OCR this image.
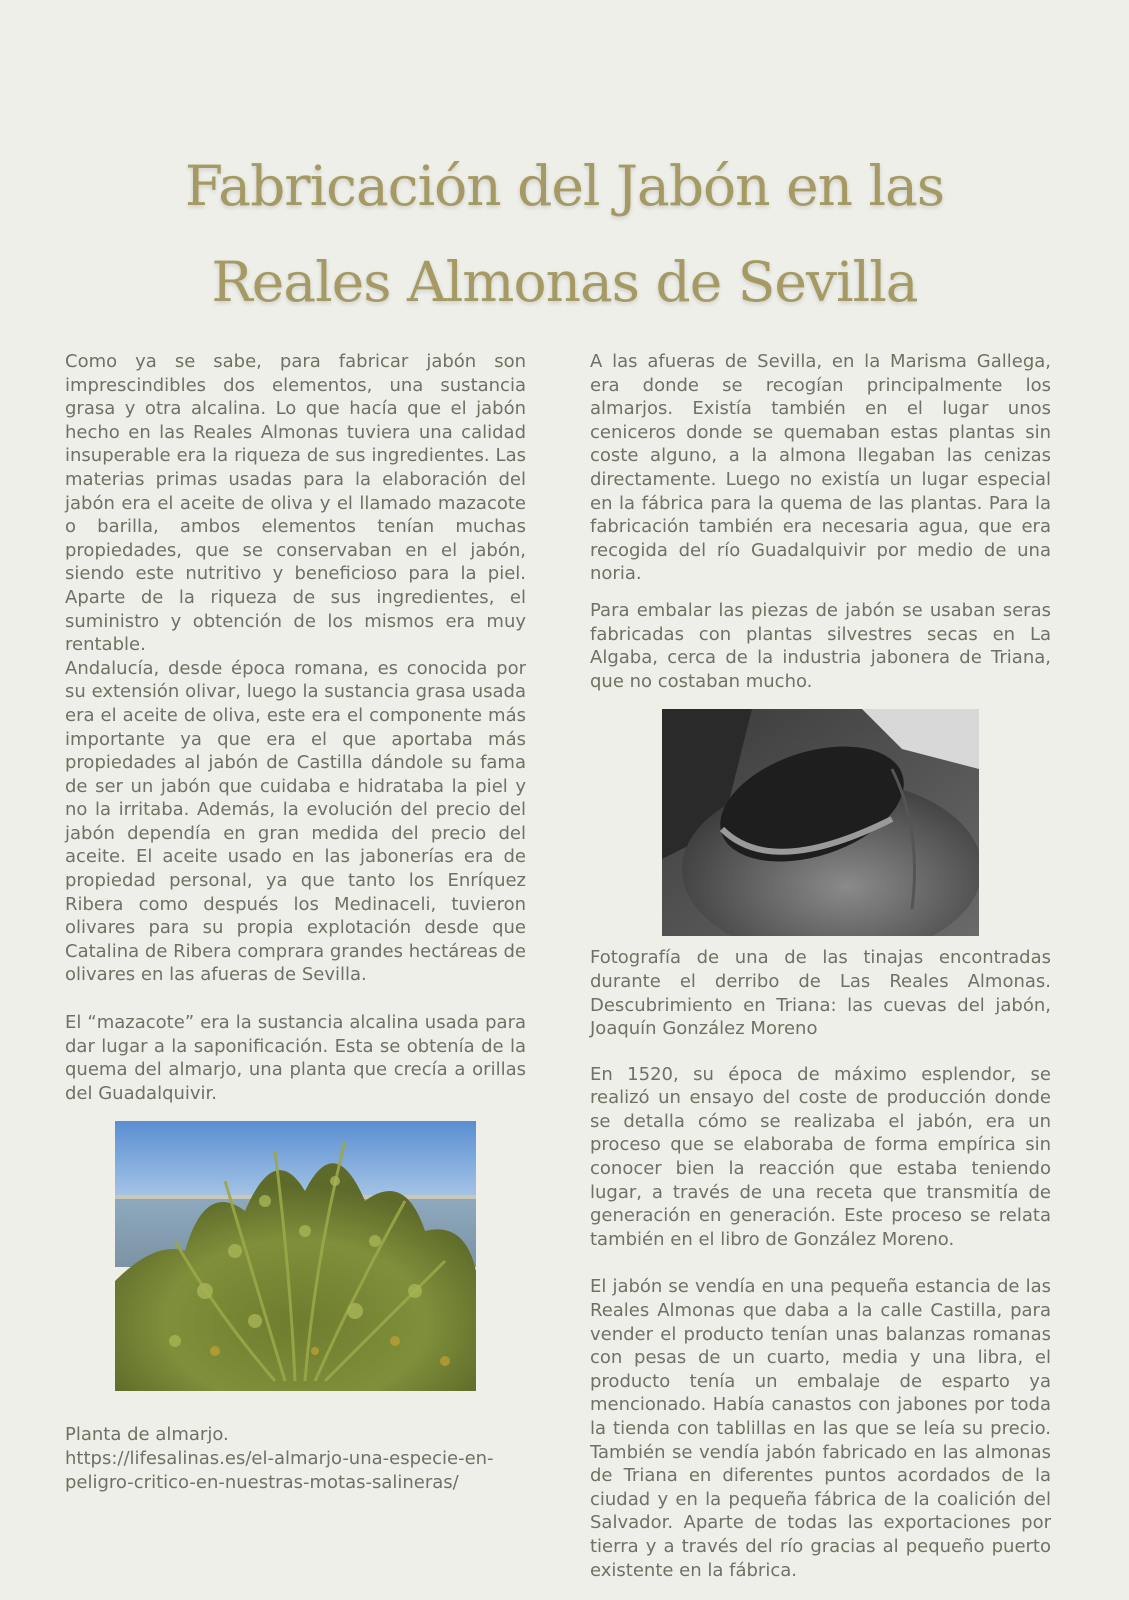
Fabricación del Jabón en las
Reales Almonas de Sevilla

Como ya se sabe, para fabricar jabón son imprescindibles dos elementos, una sustancia grasa y otra alcalina. Lo que hacía que el jabón hecho en las Reales Almonas tuviera una calidad insuperable era la riqueza de sus ingredientes. Las materias primas usadas para la elaboración del jabón era el aceite de oliva y el llamado mazacote o barilla, ambos elementos tenían muchas propiedades, que se conservaban en el jabón, siendo este nutritivo y beneficioso para la piel. Aparte de la riqueza de sus ingredientes, el suministro y obtención de los mismos era muy rentable.

Andalucía, desde época romana, es conocida por su extensión olivar, luego la sustancia grasa usada era el aceite de oliva, este era el componente más importante ya que era el que aportaba más propiedades al jabón de Castilla dándole su fama de ser un jabón que cuidaba e hidrataba la piel y no la irritaba. Además, la evolución del precio del jabón dependía en gran medida del precio del aceite. El aceite usado en las jabonerías era de propiedad personal, ya que tanto los Enríquez Ribera como después los Medinaceli, tuvieron olivares para su propia explotación desde que Catalina de Ribera comprara grandes hectáreas de olivares en las afueras de Sevilla.

El “mazacote” era la sustancia alcalina usada para dar lugar a la saponificación. Esta se obtenía de la quema del almarjo, una planta que crecía a orillas del Guadalquivir.

Planta de almarjo.

https://lifesalinas.es/el-almarjo-una-especie-en-peligro-critico-en-nuestras-motas-salineras/

A las afueras de Sevilla, en la Marisma Gallega, era donde se recogían principalmente los almarjos. Existía también en el lugar unos ceniceros donde se quemaban estas plantas sin coste alguno, a la almona llegaban las cenizas directamente. Luego no existía un lugar especial en la fábrica para la quema de las plantas. Para la fabricación también era necesaria agua, que era recogida del río Guadalquivir por medio de una noria.

Para embalar las piezas de jabón se usaban seras fabricadas con plantas silvestres secas en La Algaba, cerca de la industria jabonera de Triana, que no costaban mucho.

Fotografía de una de las tinajas encontradas durante el derribo de Las Reales Almonas. Descubrimiento en Triana: las cuevas del jabón, Joaquín González Moreno

En 1520, su época de máximo esplendor, se realizó un ensayo del coste de producción donde se detalla cómo se realizaba el jabón, era un proceso que se elaboraba de forma empírica sin conocer bien la reacción que estaba teniendo lugar, a través de una receta que transmitía de generación en generación. Este proceso se relata también en el libro de González Moreno.

El jabón se vendía en una pequeña estancia de las Reales Almonas que daba a la calle Castilla, para vender el producto tenían unas balanzas romanas con pesas de un cuarto, media y una libra, el producto tenía un embalaje de esparto ya mencionado. Había canastos con jabones por toda la tienda con tablillas en las que se leía su precio. También se vendía jabón fabricado en las almonas de Triana en diferentes puntos acordados de la ciudad y en la pequeña fábrica de la coalición del Salvador. Aparte de todas las exportaciones por tierra y a través del río gracias al pequeño puerto existente en la fábrica.
